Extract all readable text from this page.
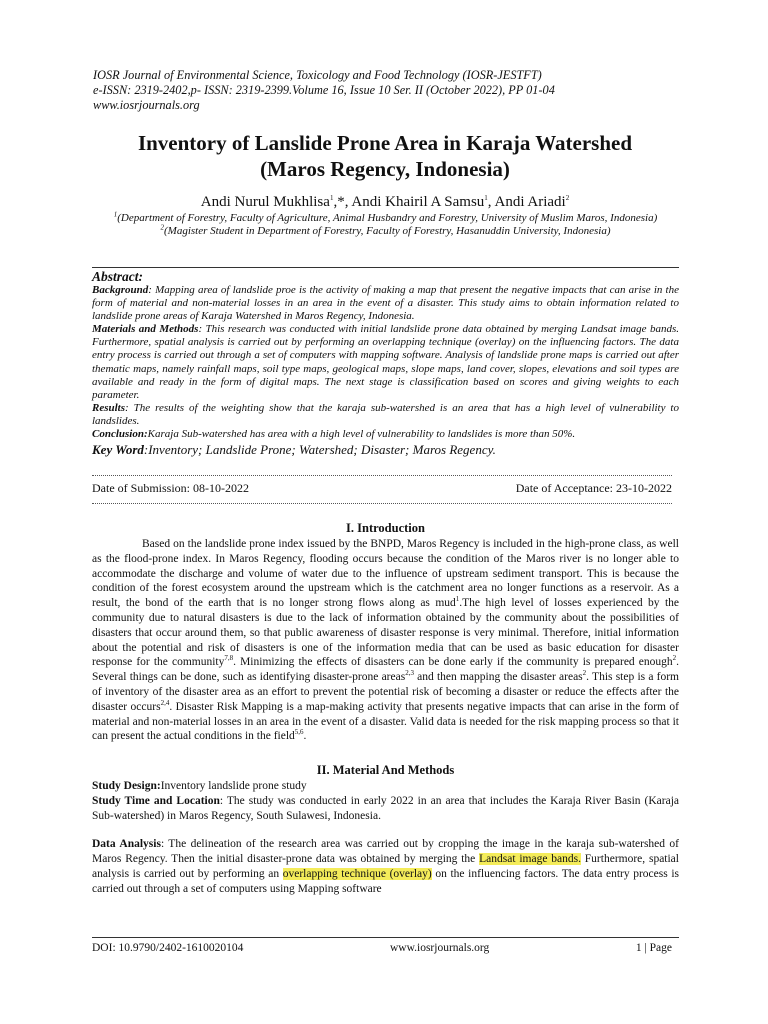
IOSR Journal of Environmental Science, Toxicology and Food Technology (IOSR-JESTFT)
e-ISSN: 2319-2402,p- ISSN: 2319-2399.Volume 16, Issue 10 Ser. II (October 2022), PP 01-04
www.iosrjournals.org
Inventory of Lanslide Prone Area in Karaja Watershed
(Maros Regency, Indonesia)
Andi Nurul Mukhlisa$^1$,*, Andi Khairil A Samsu$^1$, Andi Ariadi$^2$
$^1$(Department of Forestry, Faculty of Agriculture, Animal Husbandry and Forestry, University of Muslim Maros, Indonesia)
$^2$(Magister Student in Department of Forestry, Faculty of Forestry, Hasanuddin University, Indonesia)
Abstract:

Background: Mapping area of landslide proe is the activity of making a map that present the negative impacts that can arise in the form of material and non-material losses in an area in the event of a disaster. This study aims to obtain information related to landslide prone areas of Karaja Watershed in Maros Regency, Indonesia.

Materials and Methods: This research was conducted with initial landslide prone data obtained by merging Landsat image bands. Furthermore, spatial analysis is carried out by performing an overlapping technique (overlay) on the influencing factors. The data entry process is carried out through a set of computers with mapping software. Analysis of landslide prone maps is carried out after thematic maps, namely rainfall maps, soil type maps, geological maps, slope maps, land cover, slopes, elevations and soil types are available and ready in the form of digital maps. The next stage is classification based on scores and giving weights to each parameter.

Results: The results of the weighting show that the karaja sub-watershed is an area that has a high level of vulnerability to landslides.

Conclusion:Karaja Sub-watershed has area with a high level of vulnerability to landslides is more than 50%.

Key Word:Inventory; Landslide Prone; Watershed; Disaster; Maros Regency.

Date of Submission: 08-10-2022	Date of Acceptance: 23-10-2022
I. Introduction

Based on the landslide prone index issued by the BNPD, Maros Regency is included in the high-prone class, as well as the flood-prone index. In Maros Regency, flooding occurs because the condition of the Maros river is no longer able to accommodate the discharge and volume of water due to the influence of upstream sediment transport. This is because the condition of the forest ecosystem around the upstream which is the catchment area no longer functions as a reservoir. As a result, the bond of the earth that is no longer strong flows along as mud$^1$.The high level of losses experienced by the community due to natural disasters is due to the lack of information obtained by the community about the possibilities of disasters that occur around them, so that public awareness of disaster response is very minimal. Therefore, initial information about the potential and risk of disasters is one of the information media that can be used as basic education for disaster response for the community$^{7,8}$. Minimizing the effects of disasters can be done early if the community is prepared enough$^2$. Several things can be done, such as identifying disaster-prone areas$^{2,3}$ and then mapping the disaster areas$^2$. This step is a form of inventory of the disaster area as an effort to prevent the potential risk of becoming a disaster or reduce the effects after the disaster occurs$^{2,4}$. Disaster Risk Mapping is a map-making activity that presents negative impacts that can arise in the form of material and non-material losses in an area in the event of a disaster. Valid data is needed for the risk mapping process so that it can present the actual conditions in the field$^{5,6}$.

II. Material And Methods

Study Design:Inventory landslide prone study

Study Time and Location: The study was conducted in early 2022 in an area that includes the Karaja River Basin (Karaja Sub-watershed) in Maros Regency, South Sulawesi, Indonesia.

Data Analysis: The delineation of the research area was carried out by cropping the image in the karaja sub-watershed of Maros Regency. Then the initial disaster-prone data was obtained by merging the Landsat image bands. Furthermore, spatial analysis is carried out by performing an overlapping technique (overlay) on the influencing factors. The data entry process is carried out through a set of computers using Mapping software

DOI: 10.9790/2402-1610020104	www.iosrjournals.org	1 | Page
